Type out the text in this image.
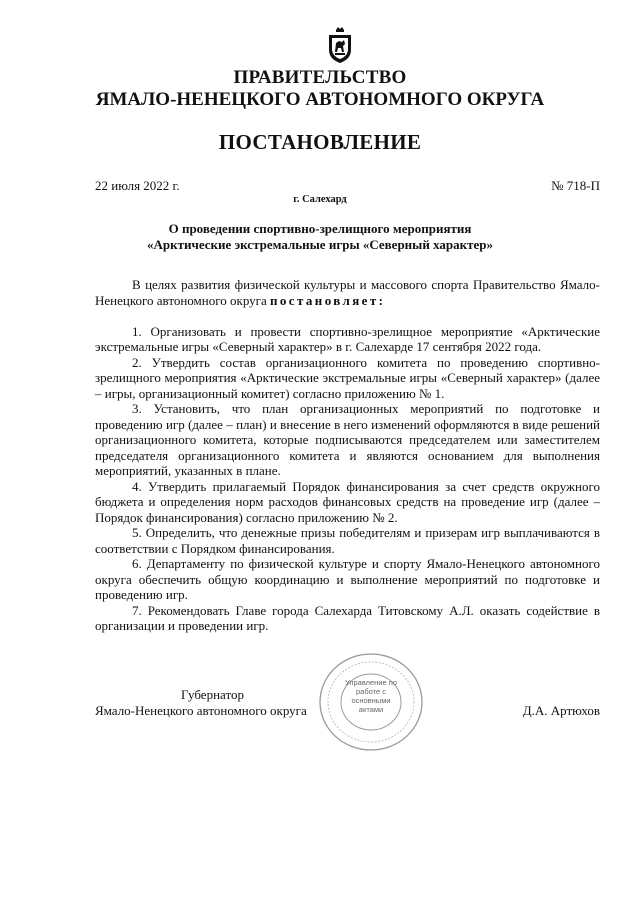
ПРАВИТЕЛЬСТВО
ЯМАЛО-НЕНЕЦКОГО АВТОНОМНОГО ОКРУГА
ПОСТАНОВЛЕНИЕ
22 июля 2022 г.	№ 718-П
г. Салехард
О проведении спортивно-зрелищного мероприятия
«Арктические экстремальные игры «Северный характер»

В целях развития физической культуры и массового спорта Правительство Ямало-Ненецкого автономного округа постановляет:

1. Организовать и провести спортивно-зрелищное мероприятие «Арктические экстремальные игры «Северный характер» в г. Салехарде 17 сентября 2022 года.

2. Утвердить состав организационного комитета по проведению спортивно-зрелищного мероприятия «Арктические экстремальные игры «Северный характер» (далее – игры, организационный комитет) согласно приложению № 1.

3. Установить, что план организационных мероприятий по подготовке и проведению игр (далее – план) и внесение в него изменений оформляются в виде решений организационного комитета, которые подписываются председателем или заместителем председателя организационного комитета и являются основанием для выполнения мероприятий, указанных в плане.

4. Утвердить прилагаемый Порядок финансирования за счет средств окружного бюджета и определения норм расходов финансовых средств на проведение игр (далее – Порядок финансирования) согласно приложению № 2.

5. Определить, что денежные призы победителям и призерам игр выплачиваются в соответствии с Порядком финансирования.

6. Департаменту по физической культуре и спорту Ямало-Ненецкого автономного округа обеспечить общую координацию и выполнение мероприятий по подготовке и проведению игр.

7. Рекомендовать Главе города Салехарда Титовскому А.Л. оказать содействие в организации и проведении игр.

Губернатор
Ямало-Ненецкого автономного округа	Д.А. Артюхов
Управление по работе с основными актами
